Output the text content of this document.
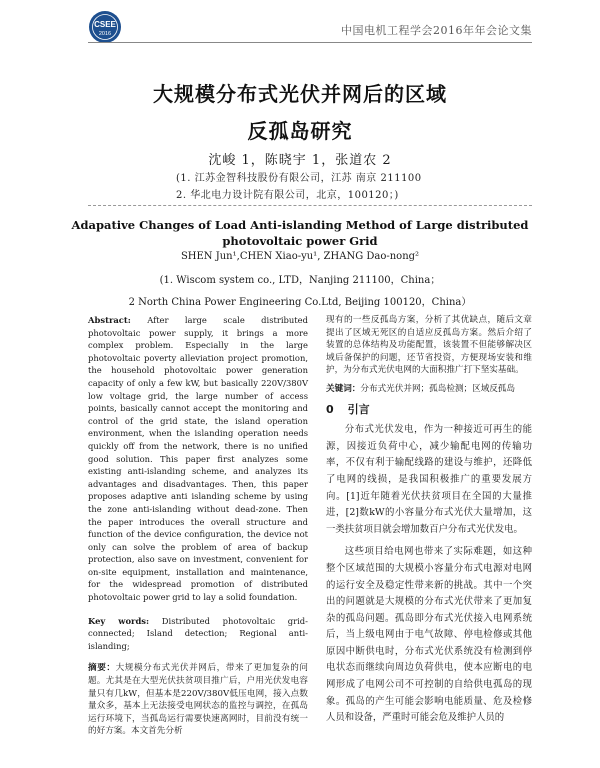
CSEE
2016	中国电机工程学会2016年年会论文集
大规模分布式光伏并网后的区域
反孤岛研究
沈峻 1，陈晓宇 1，张道农 2
(1. 江苏金智科技股份有限公司，江苏 南京 211100
2. 华北电力设计院有限公司，北京，100120；)
Adapative Changes of Load Anti-islanding Method of Large distributed
photovoltaic power Grid
SHEN Jun¹,CHEN Xiao-yu¹, ZHANG Dao-nong²
(1. Wiscom system co., LTD，Nanjing 211100，China；
2 North China Power Engineering Co.Ltd, Beijing 100120，China）

Abstract: After large scale distributed photovoltaic power supply, it brings a more complex problem. Especially in the large photovoltaic poverty alleviation project promotion, the household photovoltaic power generation capacity of only a few kW, but basically 220V/380V low voltage grid, the large number of access points, basically cannot accept the monitoring and control of the grid state, the island operation environment, when the islanding operation needs quickly off from the network, there is no unified good solution. This paper first analyzes some existing anti-islanding scheme, and analyzes its advantages and disadvantages. Then, this paper proposes adaptive anti islanding scheme by using the zone anti-islanding without dead-zone. Then the paper introduces the overall structure and function of the device configuration, the device not only can solve the problem of area of backup protection, also save on investment, convenient for on-site equipment, installation and maintenance, for the widespread promotion of distributed photovoltaic power grid to lay a solid foundation.

Key words: Distributed photovoltaic grid-connected; Island detection; Regional anti-islanding;

摘要：大规模分布式光伏并网后，带来了更加复杂的问题。尤其是在大型光伏扶贫项目推广后，户用光伏发电容量只有几kW，但基本是220V/380V低压电网，接入点数量众多，基本上无法接受电网状态的监控与调控，在孤岛运行环境下，当孤岛运行需要快速离网时，目前没有统一的好方案。本文首先分析

现有的一些反孤岛方案，分析了其优缺点，随后文章提出了区域无死区的自适应反孤岛方案。然后介绍了装置的总体结构及功能配置，该装置不但能够解决区域后备保护的问题，还节省投资，方便现场安装和维护，为分布式光伏电网的大面积推广打下坚实基础。

关键词：分布式光伏并网；孤岛检测；区域反孤岛

0 引言

分布式光伏发电，作为一种接近可再生的能源，因接近负荷中心，减少输配电网的传输功率，不仅有利于输配线路的建设与维护，还降低了电网的线损，是我国积极推广的重要发展方向。[1]近年随着光伏扶贫项目在全国的大量推进，[2]数kW的小容量分布式光伏大量增加，这一类扶贫项目就会增加数百户分布式光伏发电。

这些项目给电网也带来了实际难题，如这种整个区域范围的大规模小容量分布式电源对电网的运行安全及稳定性带来新的挑战。其中一个突出的问题就是大规模的分布式光伏带来了更加复杂的孤岛问题。孤岛即分布式光伏接入电网系统后，当上级电网由于电气故障、停电检修或其他原因中断供电时，分布式光伏系统没有检测到停电状态而继续向周边负荷供电，使本应断电的电网形成了电网公司不可控制的自给供电孤岛的现象。孤岛的产生可能会影响电能质量、危及检修人员和设备，严重时可能会危及维护人员的
